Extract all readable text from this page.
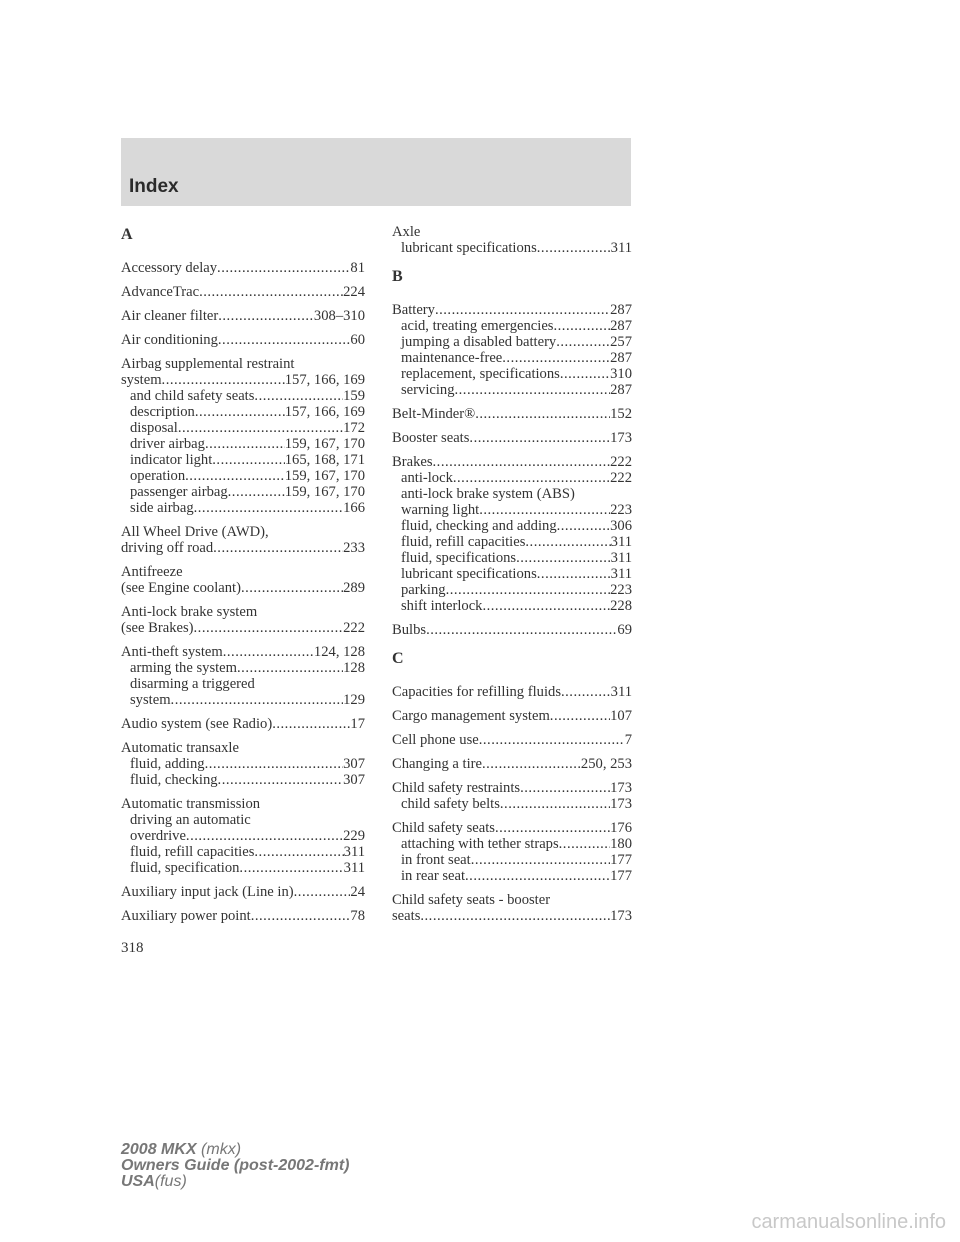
Index
A
Accessory delay .....	81
AdvanceTrac .....	224
Air cleaner filter .....	308–310
Air conditioning .....	60
Airbag supplemental restraint
system .....	157, 166, 169
and child safety seats .....	159
description .....	157, 166, 169
disposal .....	172
driver airbag .....	159, 167, 170
indicator light .....	165, 168, 171
operation .....	159, 167, 170
passenger airbag .....	159, 167, 170
side airbag .....	166
All Wheel Drive (AWD),
driving off road .....	233
Antifreeze
(see Engine coolant) .....	289
Anti-lock brake system
(see Brakes) .....	222
Anti-theft system .....	124, 128
arming the system .....	128
disarming a triggered
system .....	129
Audio system (see Radio) .....	17
Automatic transaxle
fluid, adding .....	307
fluid, checking .....	307
Automatic transmission
driving an automatic
overdrive .....	229
fluid, refill capacities .....	311
fluid, specification .....	311
Auxiliary input jack (Line in) .....	24
Auxiliary power point .....	78
Axle
lubricant specifications .....	311
B
Battery .....	287
acid, treating emergencies .....	287
jumping a disabled battery .....	257
maintenance-free .....	287
replacement, specifications .....	310
servicing .....	287
Belt-Minder® .....	152
Booster seats .....	173
Brakes .....	222
anti-lock .....	222
anti-lock brake system (ABS)
warning light .....	223
fluid, checking and adding .....	306
fluid, refill capacities .....	311
fluid, specifications .....	311
lubricant specifications .....	311
parking .....	223
shift interlock .....	228
Bulbs .....	69
C
Capacities for refilling fluids .....	311
Cargo management system .....	107
Cell phone use .....	7
Changing a tire .....	250, 253
Child safety restraints .....	173
child safety belts .....	173
Child safety seats .....	176
attaching with tether straps .....	180
in front seat .....	177
in rear seat .....	177
Child safety seats - booster
seats .....	173
318
2008 MKX (mkx)
Owners Guide (post-2002-fmt)
USA(fus)
carmanualsonline.info
